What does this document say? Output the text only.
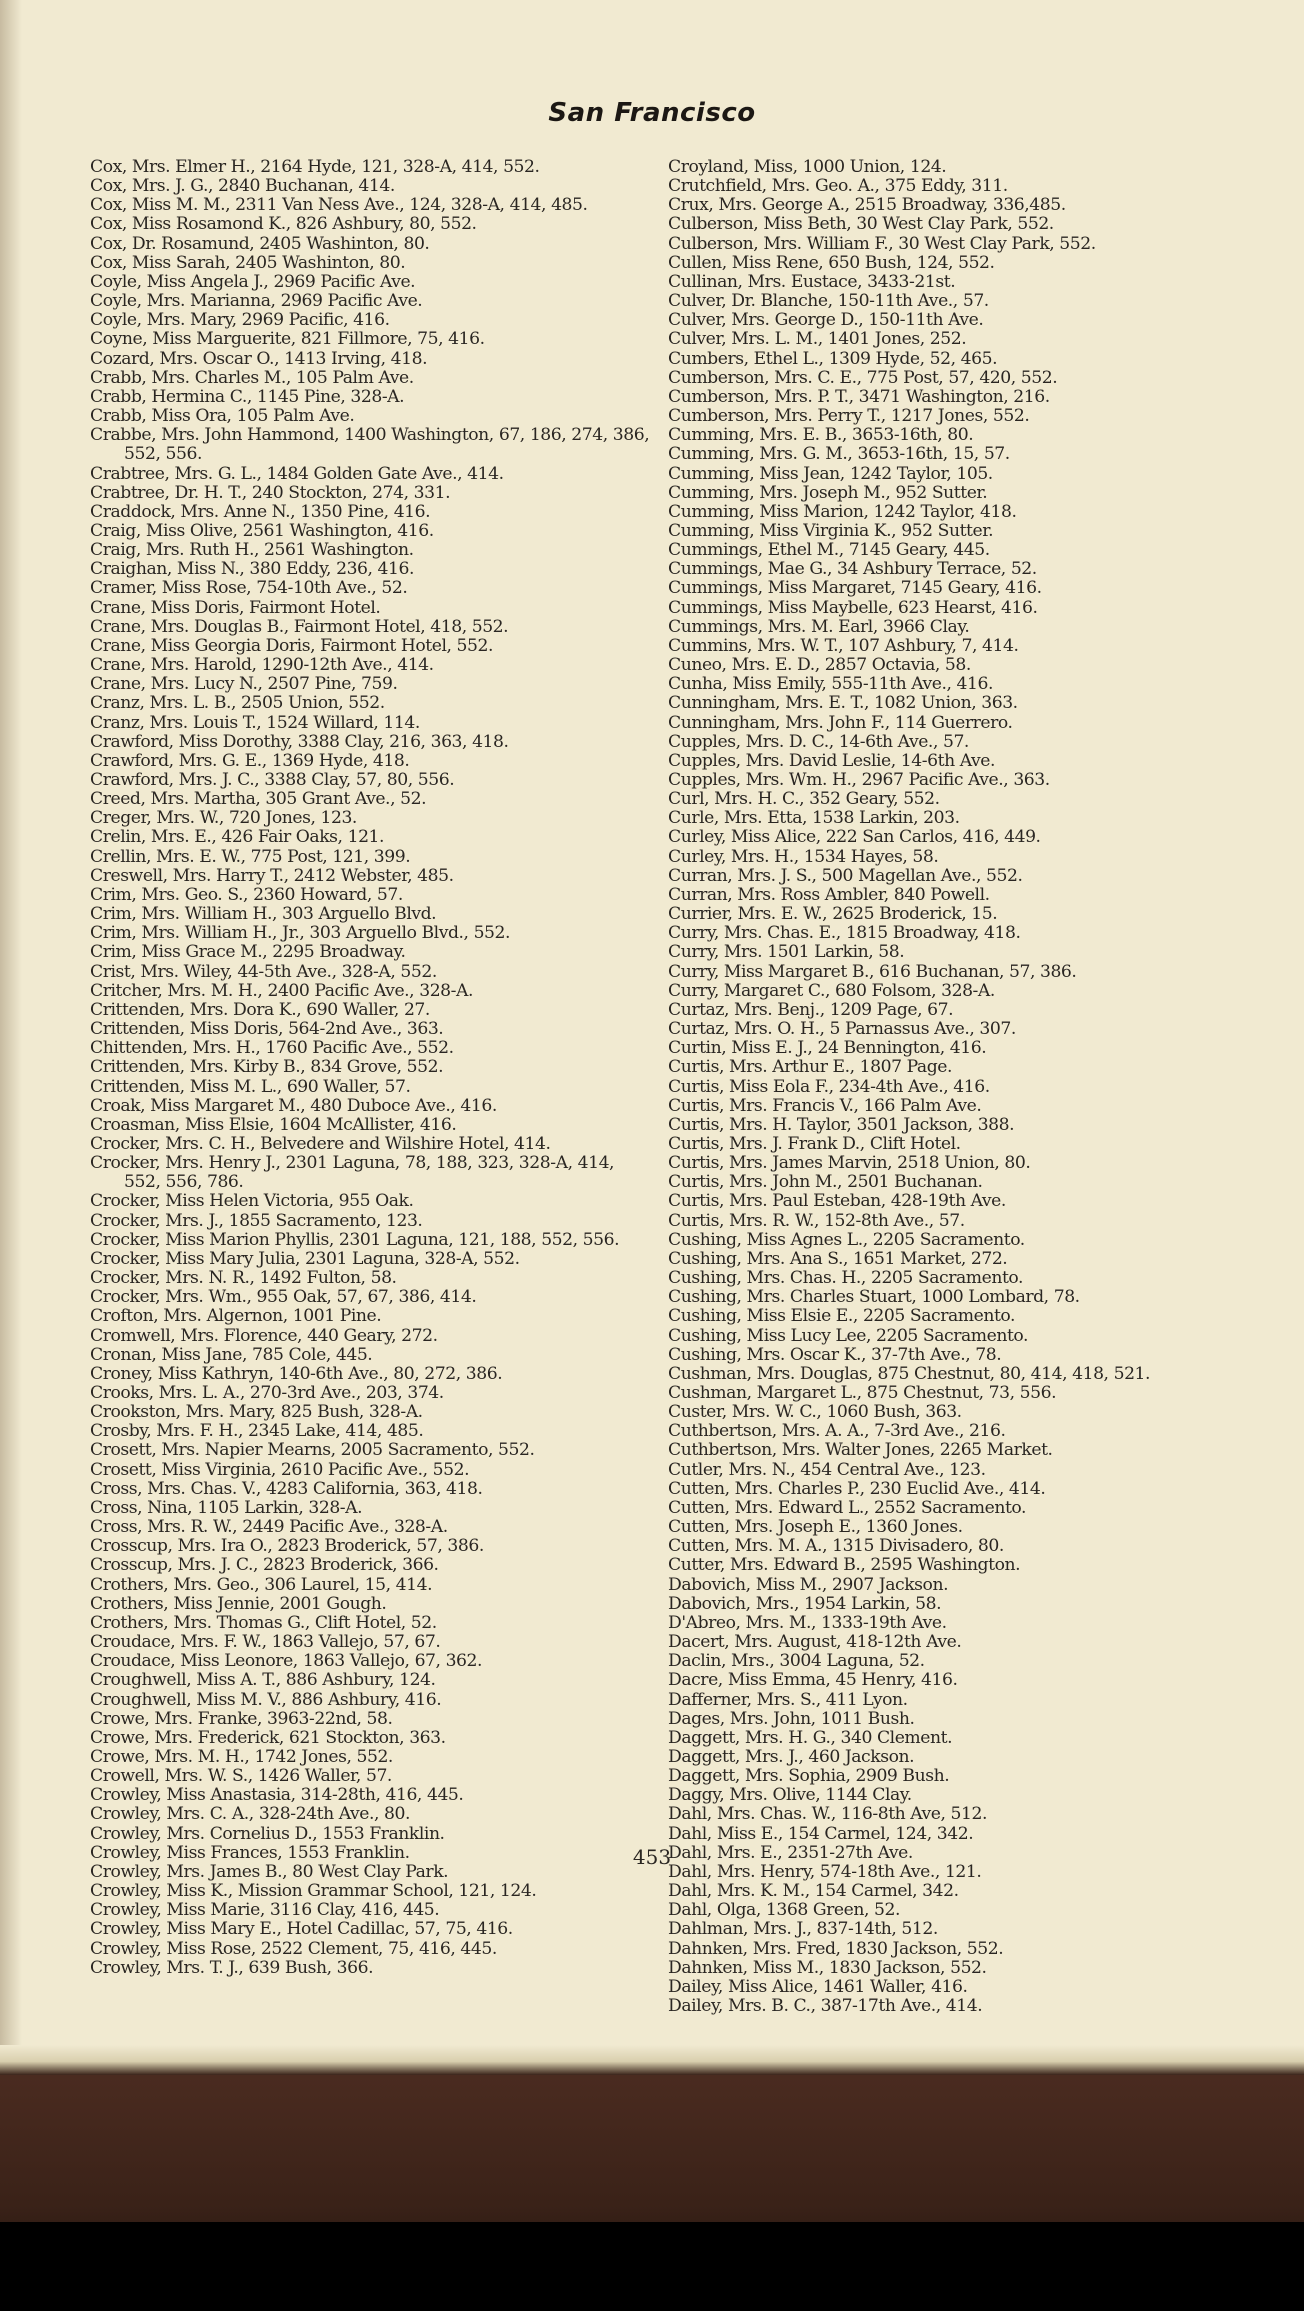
San Francisco

Cox, Mrs. Elmer H., 2164 Hyde, 121, 328-A, 414, 552.

Cox, Mrs. J. G., 2840 Buchanan, 414.

Cox, Miss M. M., 2311 Van Ness Ave., 124, 328-A, 414, 485.

Cox, Miss Rosamond K., 826 Ashbury, 80, 552.

Cox, Dr. Rosamund, 2405 Washinton, 80.

Cox, Miss Sarah, 2405 Washinton, 80.

Coyle, Miss Angela J., 2969 Pacific Ave.

Coyle, Mrs. Marianna, 2969 Pacific Ave.

Coyle, Mrs. Mary, 2969 Pacific, 416.

Coyne, Miss Marguerite, 821 Fillmore, 75, 416.

Cozard, Mrs. Oscar O., 1413 Irving, 418.

Crabb, Mrs. Charles M., 105 Palm Ave.

Crabb, Hermina C., 1145 Pine, 328-A.

Crabb, Miss Ora, 105 Palm Ave.

Crabbe, Mrs. John Hammond, 1400 Washington, 67, 186, 274, 386, 552, 556.

Crabtree, Mrs. G. L., 1484 Golden Gate Ave., 414.

Crabtree, Dr. H. T., 240 Stockton, 274, 331.

Craddock, Mrs. Anne N., 1350 Pine, 416.

Craig, Miss Olive, 2561 Washington, 416.

Craig, Mrs. Ruth H., 2561 Washington.

Craighan, Miss N., 380 Eddy, 236, 416.

Cramer, Miss Rose, 754-10th Ave., 52.

Crane, Miss Doris, Fairmont Hotel.

Crane, Mrs. Douglas B., Fairmont Hotel, 418, 552.

Crane, Miss Georgia Doris, Fairmont Hotel, 552.

Crane, Mrs. Harold, 1290-12th Ave., 414.

Crane, Mrs. Lucy N., 2507 Pine, 759.

Cranz, Mrs. L. B., 2505 Union, 552.

Cranz, Mrs. Louis T., 1524 Willard, 114.

Crawford, Miss Dorothy, 3388 Clay, 216, 363, 418.

Crawford, Mrs. G. E., 1369 Hyde, 418.

Crawford, Mrs. J. C., 3388 Clay, 57, 80, 556.

Creed, Mrs. Martha, 305 Grant Ave., 52.

Creger, Mrs. W., 720 Jones, 123.

Crelin, Mrs. E., 426 Fair Oaks, 121.

Crellin, Mrs. E. W., 775 Post, 121, 399.

Creswell, Mrs. Harry T., 2412 Webster, 485.

Crim, Mrs. Geo. S., 2360 Howard, 57.

Crim, Mrs. William H., 303 Arguello Blvd.

Crim, Mrs. William H., Jr., 303 Arguello Blvd., 552.

Crim, Miss Grace M., 2295 Broadway.

Crist, Mrs. Wiley, 44-5th Ave., 328-A, 552.

Critcher, Mrs. M. H., 2400 Pacific Ave., 328-A.

Crittenden, Mrs. Dora K., 690 Waller, 27.

Crittenden, Miss Doris, 564-2nd Ave., 363.

Chittenden, Mrs. H., 1760 Pacific Ave., 552.

Crittenden, Mrs. Kirby B., 834 Grove, 552.

Crittenden, Miss M. L., 690 Waller, 57.

Croak, Miss Margaret M., 480 Duboce Ave., 416.

Croasman, Miss Elsie, 1604 McAllister, 416.

Crocker, Mrs. C. H., Belvedere and Wilshire Hotel, 414.

Crocker, Mrs. Henry J., 2301 Laguna, 78, 188, 323, 328-A, 414, 552, 556, 786.

Crocker, Miss Helen Victoria, 955 Oak.

Crocker, Mrs. J., 1855 Sacramento, 123.

Crocker, Miss Marion Phyllis, 2301 Laguna, 121, 188, 552, 556.

Crocker, Miss Mary Julia, 2301 Laguna, 328-A, 552.

Crocker, Mrs. N. R., 1492 Fulton, 58.

Crocker, Mrs. Wm., 955 Oak, 57, 67, 386, 414.

Crofton, Mrs. Algernon, 1001 Pine.

Cromwell, Mrs. Florence, 440 Geary, 272.

Cronan, Miss Jane, 785 Cole, 445.

Croney, Miss Kathryn, 140-6th Ave., 80, 272, 386.

Crooks, Mrs. L. A., 270-3rd Ave., 203, 374.

Crookston, Mrs. Mary, 825 Bush, 328-A.

Crosby, Mrs. F. H., 2345 Lake, 414, 485.

Crosett, Mrs. Napier Mearns, 2005 Sacramento, 552.

Crosett, Miss Virginia, 2610 Pacific Ave., 552.

Cross, Mrs. Chas. V., 4283 California, 363, 418.

Cross, Nina, 1105 Larkin, 328-A.

Cross, Mrs. R. W., 2449 Pacific Ave., 328-A.

Crosscup, Mrs. Ira O., 2823 Broderick, 57, 386.

Crosscup, Mrs. J. C., 2823 Broderick, 366.

Crothers, Mrs. Geo., 306 Laurel, 15, 414.

Crothers, Miss Jennie, 2001 Gough.

Crothers, Mrs. Thomas G., Clift Hotel, 52.

Croudace, Mrs. F. W., 1863 Vallejo, 57, 67.

Croudace, Miss Leonore, 1863 Vallejo, 67, 362.

Croughwell, Miss A. T., 886 Ashbury, 124.

Croughwell, Miss M. V., 886 Ashbury, 416.

Crowe, Mrs. Franke, 3963-22nd, 58.

Crowe, Mrs. Frederick, 621 Stockton, 363.

Crowe, Mrs. M. H., 1742 Jones, 552.

Crowell, Mrs. W. S., 1426 Waller, 57.

Crowley, Miss Anastasia, 314-28th, 416, 445.

Crowley, Mrs. C. A., 328-24th Ave., 80.

Crowley, Mrs. Cornelius D., 1553 Franklin.

Crowley, Miss Frances, 1553 Franklin.

Crowley, Mrs. James B., 80 West Clay Park.

Crowley, Miss K., Mission Grammar School, 121, 124.

Crowley, Miss Marie, 3116 Clay, 416, 445.

Crowley, Miss Mary E., Hotel Cadillac, 57, 75, 416.

Crowley, Miss Rose, 2522 Clement, 75, 416, 445.

Crowley, Mrs. T. J., 639 Bush, 366.

Croyland, Miss, 1000 Union, 124.

Crutchfield, Mrs. Geo. A., 375 Eddy, 311.

Crux, Mrs. George A., 2515 Broadway, 336,485.

Culberson, Miss Beth, 30 West Clay Park, 552.

Culberson, Mrs. William F., 30 West Clay Park, 552.

Cullen, Miss Rene, 650 Bush, 124, 552.

Cullinan, Mrs. Eustace, 3433-21st.

Culver, Dr. Blanche, 150-11th Ave., 57.

Culver, Mrs. George D., 150-11th Ave.

Culver, Mrs. L. M., 1401 Jones, 252.

Cumbers, Ethel L., 1309 Hyde, 52, 465.

Cumberson, Mrs. C. E., 775 Post, 57, 420, 552.

Cumberson, Mrs. P. T., 3471 Washington, 216.

Cumberson, Mrs. Perry T., 1217 Jones, 552.

Cumming, Mrs. E. B., 3653-16th, 80.

Cumming, Mrs. G. M., 3653-16th, 15, 57.

Cumming, Miss Jean, 1242 Taylor, 105.

Cumming, Mrs. Joseph M., 952 Sutter.

Cumming, Miss Marion, 1242 Taylor, 418.

Cumming, Miss Virginia K., 952 Sutter.

Cummings, Ethel M., 7145 Geary, 445.

Cummings, Mae G., 34 Ashbury Terrace, 52.

Cummings, Miss Margaret, 7145 Geary, 416.

Cummings, Miss Maybelle, 623 Hearst, 416.

Cummings, Mrs. M. Earl, 3966 Clay.

Cummins, Mrs. W. T., 107 Ashbury, 7, 414.

Cuneo, Mrs. E. D., 2857 Octavia, 58.

Cunha, Miss Emily, 555-11th Ave., 416.

Cunningham, Mrs. E. T., 1082 Union, 363.

Cunningham, Mrs. John F., 114 Guerrero.

Cupples, Mrs. D. C., 14-6th Ave., 57.

Cupples, Mrs. David Leslie, 14-6th Ave.

Cupples, Mrs. Wm. H., 2967 Pacific Ave., 363.

Curl, Mrs. H. C., 352 Geary, 552.

Curle, Mrs. Etta, 1538 Larkin, 203.

Curley, Miss Alice, 222 San Carlos, 416, 449.

Curley, Mrs. H., 1534 Hayes, 58.

Curran, Mrs. J. S., 500 Magellan Ave., 552.

Curran, Mrs. Ross Ambler, 840 Powell.

Currier, Mrs. E. W., 2625 Broderick, 15.

Curry, Mrs. Chas. E., 1815 Broadway, 418.

Curry, Mrs. 1501 Larkin, 58.

Curry, Miss Margaret B., 616 Buchanan, 57, 386.

Curry, Margaret C., 680 Folsom, 328-A.

Curtaz, Mrs. Benj., 1209 Page, 67.

Curtaz, Mrs. O. H., 5 Parnassus Ave., 307.

Curtin, Miss E. J., 24 Bennington, 416.

Curtis, Mrs. Arthur E., 1807 Page.

Curtis, Miss Eola F., 234-4th Ave., 416.

Curtis, Mrs. Francis V., 166 Palm Ave.

Curtis, Mrs. H. Taylor, 3501 Jackson, 388.

Curtis, Mrs. J. Frank D., Clift Hotel.

Curtis, Mrs. James Marvin, 2518 Union, 80.

Curtis, Mrs. John M., 2501 Buchanan.

Curtis, Mrs. Paul Esteban, 428-19th Ave.

Curtis, Mrs. R. W., 152-8th Ave., 57.

Cushing, Miss Agnes L., 2205 Sacramento.

Cushing, Mrs. Ana S., 1651 Market, 272.

Cushing, Mrs. Chas. H., 2205 Sacramento.

Cushing, Mrs. Charles Stuart, 1000 Lombard, 78.

Cushing, Miss Elsie E., 2205 Sacramento.

Cushing, Miss Lucy Lee, 2205 Sacramento.

Cushing, Mrs. Oscar K., 37-7th Ave., 78.

Cushman, Mrs. Douglas, 875 Chestnut, 80, 414, 418, 521.

Cushman, Margaret L., 875 Chestnut, 73, 556.

Custer, Mrs. W. C., 1060 Bush, 363.

Cuthbertson, Mrs. A. A., 7-3rd Ave., 216.

Cuthbertson, Mrs. Walter Jones, 2265 Market.

Cutler, Mrs. N., 454 Central Ave., 123.

Cutten, Mrs. Charles P., 230 Euclid Ave., 414.

Cutten, Mrs. Edward L., 2552 Sacramento.

Cutten, Mrs. Joseph E., 1360 Jones.

Cutten, Mrs. M. A., 1315 Divisadero, 80.

Cutter, Mrs. Edward B., 2595 Washington.

Dabovich, Miss M., 2907 Jackson.

Dabovich, Mrs., 1954 Larkin, 58.

D'Abreo, Mrs. M., 1333-19th Ave.

Dacert, Mrs. August, 418-12th Ave.

Daclin, Mrs., 3004 Laguna, 52.

Dacre, Miss Emma, 45 Henry, 416.

Dafferner, Mrs. S., 411 Lyon.

Dages, Mrs. John, 1011 Bush.

Daggett, Mrs. H. G., 340 Clement.

Daggett, Mrs. J., 460 Jackson.

Daggett, Mrs. Sophia, 2909 Bush.

Daggy, Mrs. Olive, 1144 Clay.

Dahl, Mrs. Chas. W., 116-8th Ave, 512.

Dahl, Miss E., 154 Carmel, 124, 342.

Dahl, Mrs. E., 2351-27th Ave.

Dahl, Mrs. Henry, 574-18th Ave., 121.

Dahl, Mrs. K. M., 154 Carmel, 342.

Dahl, Olga, 1368 Green, 52.

Dahlman, Mrs. J., 837-14th, 512.

Dahnken, Mrs. Fred, 1830 Jackson, 552.

Dahnken, Miss M., 1830 Jackson, 552.

Dailey, Miss Alice, 1461 Waller, 416.

Dailey, Mrs. B. C., 387-17th Ave., 414.

453
